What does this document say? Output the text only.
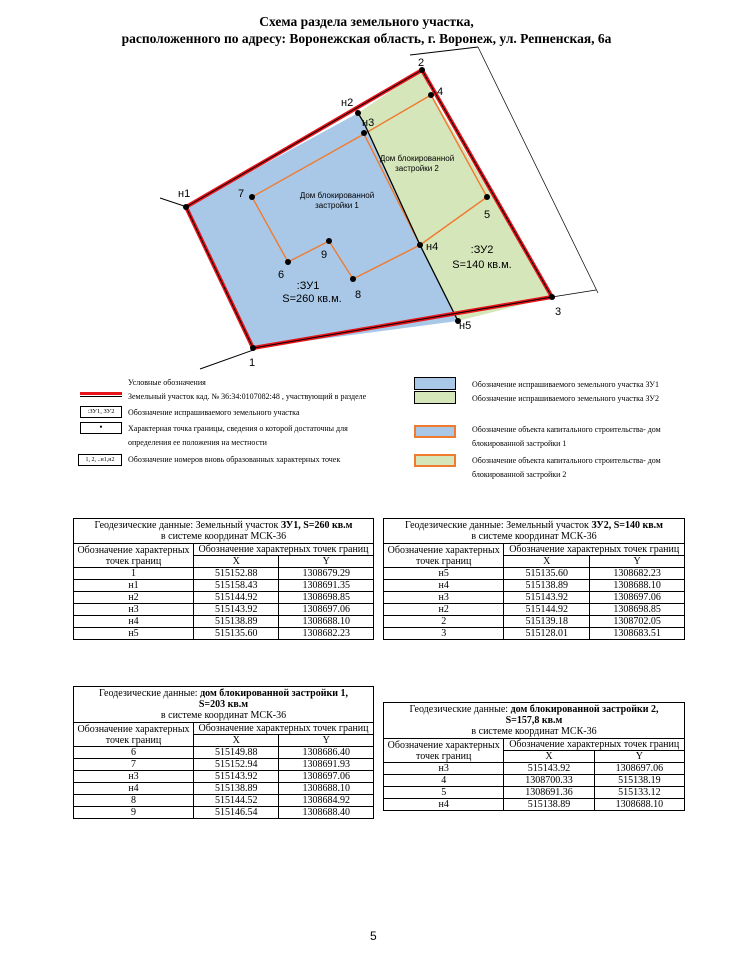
Схема раздела земельного участка,
расположенного по адресу: Воронежская область, г. Воронеж, ул. Репненская, 6а
1
н1
н2
н3
н4
н5
2
3
4
5
6
7
8
9
Дом блокированной
застройки 1
Дом блокированной
застройки 2
:ЗУ1
S=260 кв.м.
:ЗУ2
S=140 кв.м.
Условные обозначения
Земельный участок кад. № 36:34:0107082:48 , участвующий в разделе
:ЗУ1, ЗУ2	Обозначение испрашиваемого земельного участка
•	Характерная точка границы, сведения о которой достаточны для
определения ее положения на местности
1, 2, ..н1,н2	Обозначение номеров вновь образованных характерных точек
Обозначение испрашиваемого земельного участка ЗУ1
Обозначение испрашиваемого земельного участка ЗУ2
Обозначение объекта капитального строительства- дом
блокированной застройки 1
Обозначение объекта капитального строительства- дом
блокированной застройки 2
Геодезические данные: Земельный участок ЗУ1, S=260 кв.м
в системе координат МСК-36		
Обозначение характерных точек границ	Обозначение характерных точек границ	
	X	Y
1	515152.88	1308679.29
н1	515158.43	1308691.35
н2	515144.92	1308698.85
н3	515143.92	1308697.06
н4	515138.89	1308688.10
н5	515135.60	1308682.23
Геодезические данные: Земельный участок ЗУ2, S=140 кв.м
в системе координат МСК-36		
Обозначение характерных точек границ	Обозначение характерных точек границ	
	X	Y
н5	515135.60	1308682.23
н4	515138.89	1308688.10
н3	515143.92	1308697.06
н2	515144.92	1308698.85
2	515139.18	1308702.05
3	515128.01	1308683.51
Геодезические данные: дом блокированной застройки 1,
S=203 кв.м
в системе координат МСК-36		
Обозначение характерных точек границ	Обозначение характерных точек границ	
	X	Y
6	515149.88	1308686.40
7	515152.94	1308691.93
н3	515143.92	1308697.06
н4	515138.89	1308688.10
8	515144.52	1308684.92
9	515146.54	1308688.40
Геодезические данные: дом блокированной застройки 2,
S=157,8 кв.м
в системе координат МСК-36		
Обозначение характерных точек границ	Обозначение характерных точек границ	
	X	Y
н3	515143.92	1308697.06
4	1308700.33	515138.19
5	1308691.36	515133.12
н4	515138.89	1308688.10
5
